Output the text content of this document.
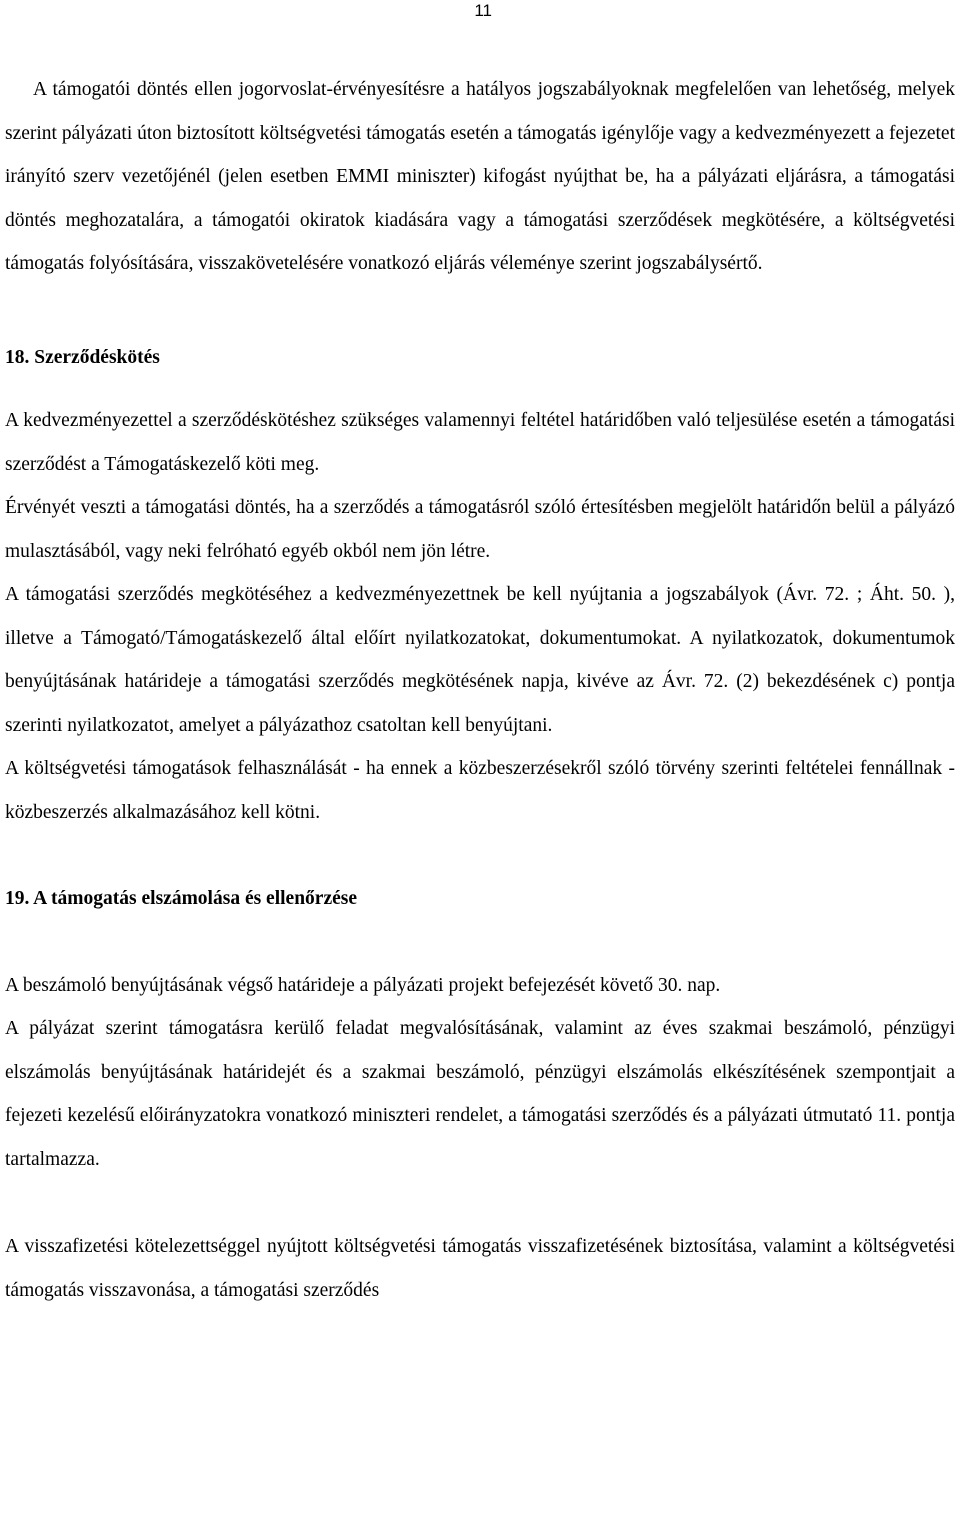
11

A támogatói döntés ellen jogorvoslat-érvényesítésre a hatályos jogszabályoknak megfelelően van lehetőség, melyek szerint pályázati úton biztosított költségvetési támogatás esetén a támogatás igénylője vagy a kedvezményezett a fejezetet irányító szerv vezetőjénél (jelen esetben EMMI miniszter) kifogást nyújthat be, ha a pályázati eljárásra, a támogatási döntés meghozatalára, a támogatói okiratok kiadására vagy a támogatási szerződések megkötésére, a költségvetési támogatás folyósítására, visszakövetelésére vonatkozó eljárás véleménye szerint jogszabálysértő.

18. Szerződéskötés

A kedvezményezettel a szerződéskötéshez szükséges valamennyi feltétel határidőben való teljesülése esetén a támogatási szerződést a Támogatáskezelő köti meg.

Érvényét veszti a támogatási döntés, ha a szerződés a támogatásról szóló értesítésben megjelölt határidőn belül a pályázó mulasztásából, vagy neki felróható egyéb okból nem jön létre.

A támogatási szerződés megkötéséhez a kedvezményezettnek be kell nyújtania a jogszabályok (Ávr. 72. ; Áht. 50. ), illetve a Támogató/Támogatáskezelő által előírt nyilatkozatokat, dokumentumokat. A nyilatkozatok, dokumentumok benyújtásának határideje a támogatási szerződés megkötésének napja, kivéve az Ávr. 72. (2) bekezdésének c) pontja szerinti nyilatkozatot, amelyet a pályázathoz csatoltan kell benyújtani.

A költségvetési támogatások felhasználását - ha ennek a közbeszerzésekről szóló törvény szerinti feltételei fennállnak - közbeszerzés alkalmazásához kell kötni.

19. A támogatás elszámolása és ellenőrzése

A beszámoló benyújtásának végső határideje a pályázati projekt befejezését követő 30. nap.

A pályázat szerint támogatásra kerülő feladat megvalósításának, valamint az éves szakmai beszámoló, pénzügyi elszámolás benyújtásának határidejét és a szakmai beszámoló, pénzügyi elszámolás elkészítésének szempontjait a fejezeti kezelésű előirányzatokra vonatkozó miniszteri rendelet, a támogatási szerződés és a pályázati útmutató 11. pontja tartalmazza.

A visszafizetési kötelezettséggel nyújtott költségvetési támogatás visszafizetésének biztosítása, valamint a költségvetési támogatás visszavonása, a támogatási szerződés
